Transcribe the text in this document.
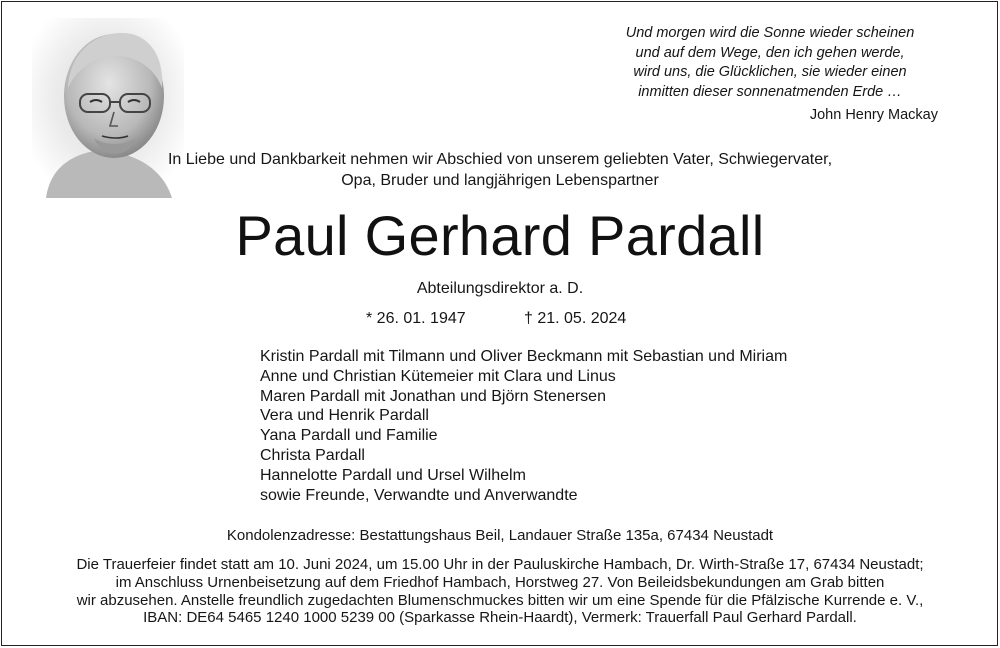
Und morgen wird die Sonne wieder scheinen
und auf dem Wege, den ich gehen werde,
wird uns, die Glücklichen, sie wieder einen
inmitten dieser sonnenatmenden Erde …
John Henry Mackay
In Liebe und Dankbarkeit nehmen wir Abschied von unserem geliebten Vater, Schwiegervater,
Opa, Bruder und langjährigen Lebenspartner
Paul Gerhard Pardall
Abteilungsdirektor a. D.
* 26. 01. 1947	† 21. 05. 2024
Kristin Pardall mit Tilmann und Oliver Beckmann mit Sebastian und Miriam
Anne und Christian Kütemeier mit Clara und Linus
Maren Pardall mit Jonathan und Björn Stenersen
Vera und Henrik Pardall
Yana Pardall und Familie
Christa Pardall
Hannelotte Pardall und Ursel Wilhelm
sowie Freunde, Verwandte und Anverwandte
Kondolenzadresse: Bestattungshaus Beil, Landauer Straße 135a, 67434 Neustadt
Die Trauerfeier findet statt am 10. Juni 2024, um 15.00 Uhr in der Pauluskirche Hambach, Dr. Wirth-Straße 17, 67434 Neustadt;
im Anschluss Urnenbeisetzung auf dem Friedhof Hambach, Horstweg 27. Von Beileidsbekundungen am Grab bitten
wir abzusehen. Anstelle freundlich zugedachten Blumenschmuckes bitten wir um eine Spende für die Pfälzische Kurrende e. V.,
IBAN: DE64 5465 1240 1000 5239 00 (Sparkasse Rhein-Haardt), Vermerk: Trauerfall Paul Gerhard Pardall.
